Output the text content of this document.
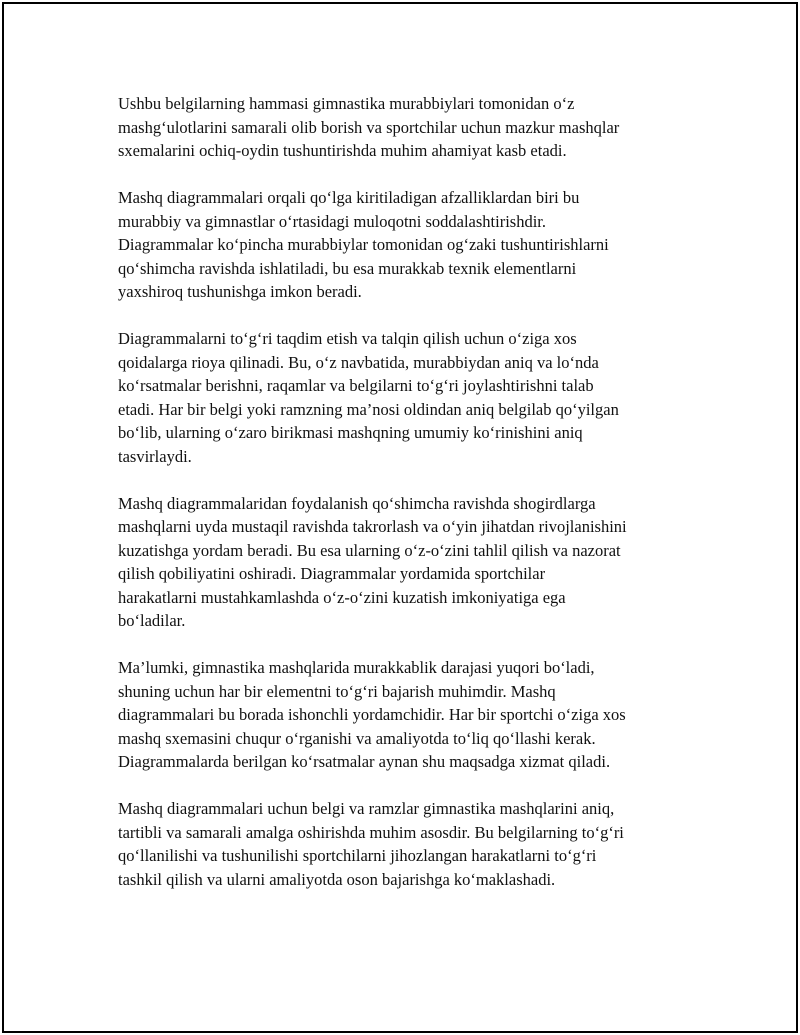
Ushbu belgilarning hammasi gimnastika murabbiylari tomonidan o‘z
mashg‘ulotlarini samarali olib borish va sportchilar uchun mazkur mashqlar
sxemalarini ochiq-oydin tushuntirishda muhim ahamiyat kasb etadi.

Mashq diagrammalari orqali qo‘lga kiritiladigan afzalliklardan biri bu
murabbiy va gimnastlar o‘rtasidagi muloqotni soddalashtirishdir.
Diagrammalar ko‘pincha murabbiylar tomonidan og‘zaki tushuntirishlarni
qo‘shimcha ravishda ishlatiladi, bu esa murakkab texnik elementlarni
yaxshiroq tushunishga imkon beradi.

Diagrammalarni to‘g‘ri taqdim etish va talqin qilish uchun o‘ziga xos
qoidalarga rioya qilinadi. Bu, o‘z navbatida, murabbiydan aniq va lo‘nda
ko‘rsatmalar berishni, raqamlar va belgilarni to‘g‘ri joylashtirishni talab
etadi. Har bir belgi yoki ramzning ma’nosi oldindan aniq belgilab qo‘yilgan
bo‘lib, ularning o‘zaro birikmasi mashqning umumiy ko‘rinishini aniq
tasvirlaydi.

Mashq diagrammalaridan foydalanish qo‘shimcha ravishda shogirdlarga
mashqlarni uyda mustaqil ravishda takrorlash va o‘yin jihatdan rivojlanishini
kuzatishga yordam beradi. Bu esa ularning o‘z-o‘zini tahlil qilish va nazorat
qilish qobiliyatini oshiradi. Diagrammalar yordamida sportchilar
harakatlarni mustahkamlashda o‘z-o‘zini kuzatish imkoniyatiga ega
bo‘ladilar.

Ma’lumki, gimnastika mashqlarida murakkablik darajasi yuqori bo‘ladi,
shuning uchun har bir elementni to‘g‘ri bajarish muhimdir. Mashq
diagrammalari bu borada ishonchli yordamchidir. Har bir sportchi o‘ziga xos
mashq sxemasini chuqur o‘rganishi va amaliyotda to‘liq qo‘llashi kerak.
Diagrammalarda berilgan ko‘rsatmalar aynan shu maqsadga xizmat qiladi.

Mashq diagrammalari uchun belgi va ramzlar gimnastika mashqlarini aniq,
tartibli va samarali amalga oshirishda muhim asosdir. Bu belgilarning to‘g‘ri
qo‘llanilishi va tushunilishi sportchilarni jihozlangan harakatlarni to‘g‘ri
tashkil qilish va ularni amaliyotda oson bajarishga ko‘maklashadi.
